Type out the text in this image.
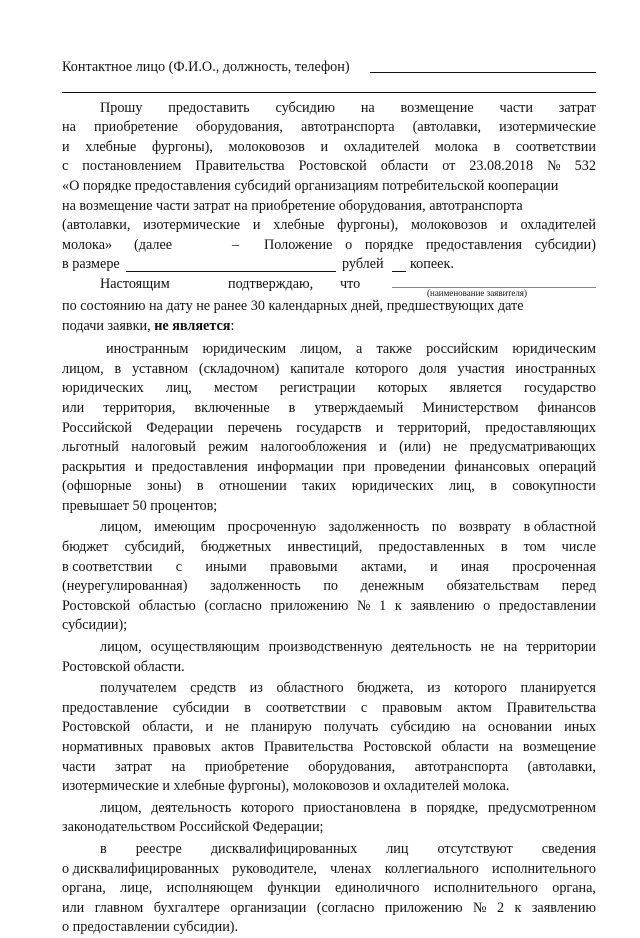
Контактное лицо (Ф.И.О., должность, телефон)
Прошу предоставить субсидию на возмещение части затрат
на приобретение оборудования, автотранспорта (автолавки, изотермические
и хлебные фургоны), молоковозов и охладителей молока в соответствии
с постановлением Правительства Ростовской области от 23.08.2018 № 532
«О порядке предоставления субсидий организациям потребительской кооперации
на возмещение части затрат на приобретение оборудования, автотранспорта
(автолавки, изотермические и хлебные фургоны), молоковозов и охладителей
молока» (далее	– Положение о порядке предоставления субсидии)
в размере	рублей копеек.
Настоящим	подтверждаю, что
(наименование заявителя)
по состоянию на дату не ранее 30 календарных дней, предшествующих дате
подачи заявки, не является:
иностранным юридическим лицом, а также российским юридическим
лицом, в уставном (складочном) капитале которого доля участия иностранных
юридических лиц, местом регистрации которых является государство
или территория, включенные в утверждаемый Министерством финансов
Российской Федерации перечень государств и территорий, предоставляющих
льготный налоговый режим налогообложения и (или) не предусматривающих
раскрытия и предоставления информации при проведении финансовых операций
(офшорные зоны) в отношении таких юридических лиц, в совокупности
превышает 50 процентов;
лицом, имеющим просроченную задолженность по возврату в областной
бюджет субсидий, бюджетных инвестиций, предоставленных в том числе
в соответствии с иными правовыми актами, и иная просроченная
(неурегулированная) задолженность по денежным обязательствам перед
Ростовской областью (согласно приложению № 1 к заявлению о предоставлении
субсидии);
лицом, осуществляющим производственную деятельность не на территории
Ростовской области.
получателем средств из областного бюджета, из которого планируется
предоставление субсидии в соответствии с правовым актом Правительства
Ростовской области, и не планирую получать субсидию на основании иных
нормативных правовых актов Правительства Ростовской области на возмещение
части затрат на приобретение оборудования, автотранспорта (автолавки,
изотермические и хлебные фургоны), молоковозов и охладителей молока.
лицом, деятельность которого приостановлена в порядке, предусмотренном
законодательством Российской Федерации;
в реестре дисквалифицированных лиц отсутствуют сведения
о дисквалифицированных руководителе, членах коллегиального исполнительного
органа, лице, исполняющем функции единоличного исполнительного органа,
или главном бухгалтере организации (согласно приложению № 2 к заявлению
о предоставлении субсидии).
